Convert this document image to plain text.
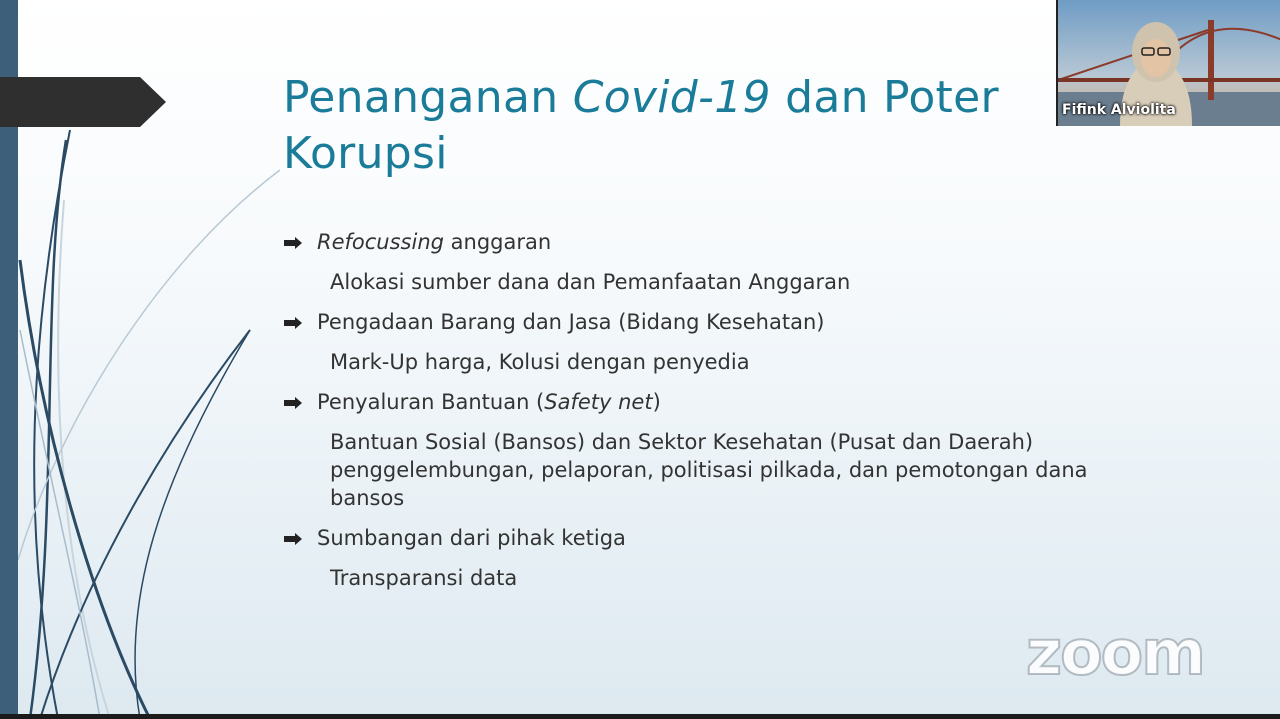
Penanganan Covid-19 dan Poter
Korupsi
Refocussing anggaran
Alokasi sumber dana dan Pemanfaatan Anggaran
Pengadaan Barang dan Jasa (Bidang Kesehatan)
Mark-Up harga, Kolusi dengan penyedia
Penyaluran Bantuan (Safety net)
Bantuan Sosial (Bansos) dan Sektor Kesehatan (Pusat dan Daerah)
penggelembungan, pelaporan, politisasi pilkada, dan pemotongan dana
bansos
Sumbangan dari pihak ketiga
Transparansi data
Fifink Alviolita
zoom
